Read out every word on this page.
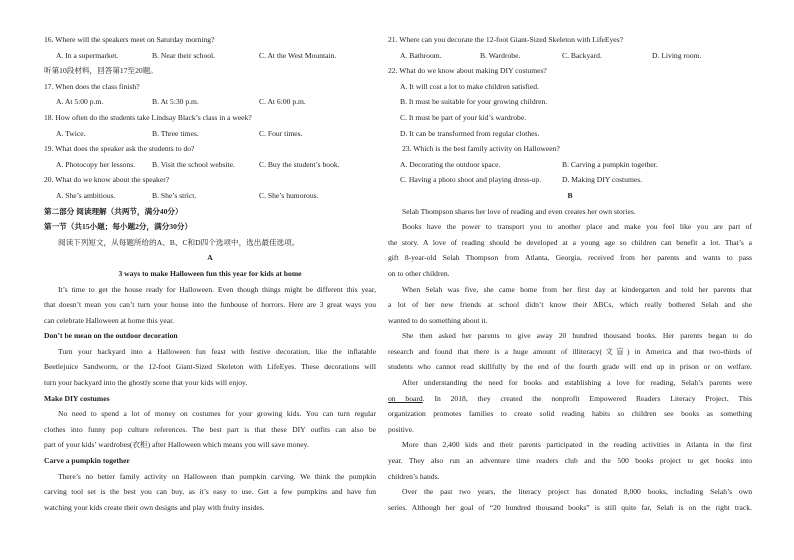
16. Where will the speakers meet on Saturday morning?
A. In a supermarket.	B. Near their school.	C. At the West Mountain.
听第10段材料，回答第17至20题。
17. When does the class finish?
A. At 5:00 p.m.	B. At 5:30 p.m.	C. At 6:00 p.m.
18. How often do the students take Lindsay Black’s class in a week?
A. Twice.	B. Three times.	C. Four times.
19. What does the speaker ask the students to do?
A. Photocopy her lessons.	B. Visit the school website.	C. Buy the student’s book.
20. What do we know about the speaker?
A. She’s ambitious.	B. She’s strict.	C. She’s humorous.
第二部分 阅读理解（共两节，满分40分）
第一节（共15小题；每小题2分，满分30分）
阅读下列短文，从每题所给的A、B、C和D四个选项中，选出最佳选项。
A
3 ways to make Halloween fun this year for kids at home
It’s time to get the house ready for Halloween. Even though things might be different this year,
that doesn’t mean you can’t turn your house into the funhouse of horrors. Here are 3 great ways you
can celebrate Halloween at home this year.
Don’t be mean on the outdoor decoration
Turn your backyard into a Halloween fun feast with festive decoration, like the inflatable
Beetlejuice Sandworm, or the 12-foot Giant-Sized Skeleton with LifeEyes. These decorations will
turn your backyard into the ghostly scene that your kids will enjoy.
Make DIY costumes
No need to spend a lot of money on costumes for your growing kids. You can turn regular
clothes into funny pop culture references. The best part is that these DIY outfits can also be
part of your kids’ wardrobes(衣柜) after Halloween which means you will save money.
Carve a pumpkin together
There’s no better family activity on Halloween than pumpkin carving. We think the pumpkin
carving tool set is the best you can buy, as it’s easy to use. Get a few pumpkins and have fun
watching your kids create their own designs and play with fruity insides.
21. Where can you decorate the 12-foot Giant-Sized Skeleton with LifeEyes?
A. Bathroom.	B. Wardrobe.	C. Backyard.	D. Living room.
22. What do we know about making DIY costumes?
A. It will cost a lot to make children satisfied.
B. It must be suitable for your growing children.
C. It must be part of your kid’s wardrobe.
D. It can be transformed from regular clothes.
23. Which is the best family activity on Halloween?
A. Decorating the outdoor space.	B. Carving a pumpkin together.
C. Having a photo shoot and playing dress-up.	D. Making DIY costumes.
B
Selah Thompson shares her love of reading and even creates her own stories.
Books have the power to transport you to another place and make you feel like you are part of
the story. A love of reading should be developed at a young age so children can benefit a lot. That’s a
gift 8-year-old Selah Thompson from Atlanta, Georgia, received from her parents and wants to pass
on to other children.
When Selah was five, she came home from her first day at kindergarten and told her parents that
a lot of her new friends at school didn’t know their ABCs, which really bothered Selah and she
wanted to do something about it.
She then asked her parents to give away 20 hundred thousand books. Her parents began to do
research and found that there is a huge amount of illiteracy(文盲) in America and that two-thirds of
students who cannot read skillfully by the end of the fourth grade will end up in prison or on welfare.
After understanding the need for books and establishing a love for reading, Selah’s parents were
on board. In 2018, they created the nonprofit Empowered Readers Literacy Project. This
organization promotes families to create solid reading habits so children see books as something
positive.
More than 2,400 kids and their parents participated in the reading activities in Atlanta in the first
year. They also run an adventure time readers club and the 500 books project to get books into
children’s hands.
Over the past two years, the literacy project has donated 8,000 books, including Selah’s own
series. Although her goal of “20 hundred thousand books” is still quite far, Selah is on the right track.
